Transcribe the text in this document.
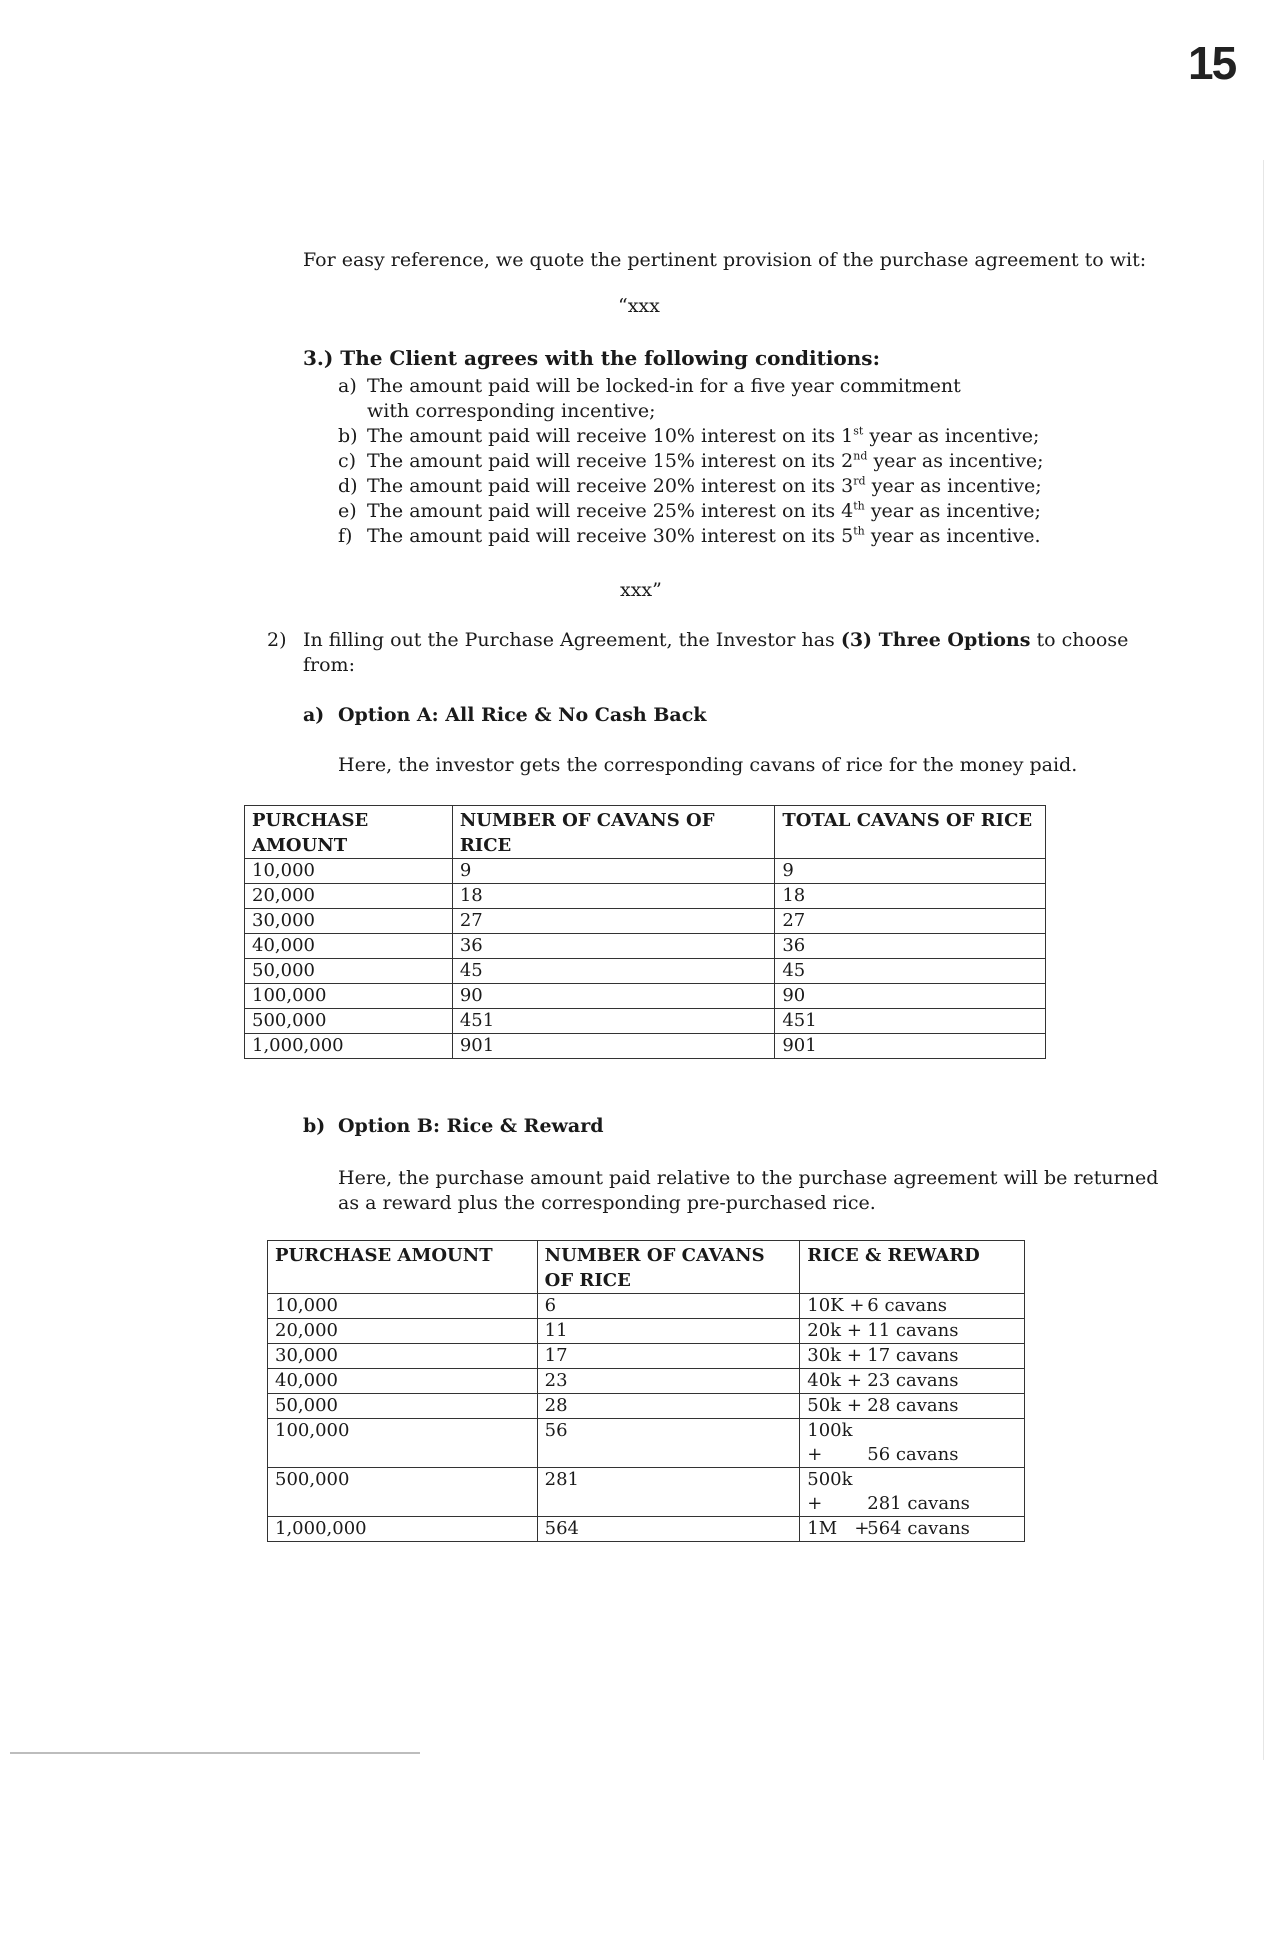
15
For easy reference, we quote the pertinent provision of the purchase agreement to wit:
“xxx
3.) The Client agrees with the following conditions:
a) The amount paid will be locked-in for a five year commitment
with corresponding incentive;
b) The amount paid will receive 10% interest on its 1st year as incentive;
c) The amount paid will receive 15% interest on its 2nd year as incentive;
d) The amount paid will receive 20% interest on its 3rd year as incentive;
e) The amount paid will receive 25% interest on its 4th year as incentive;
f) The amount paid will receive 30% interest on its 5th year as incentive.
xxx”
2) In filling out the Purchase Agreement, the Investor has (3) Three Options to choose
from:
a) Option A: All Rice & No Cash Back
Here, the investor gets the corresponding cavans of rice for the money paid.
PURCHASE AMOUNT	NUMBER OF CAVANS OF RICE	TOTAL CAVANS OF RICE
10,000	9	9
20,000	18	18
30,000	27	27
40,000	36	36
50,000	45	45
100,000	90	90
500,000	451	451
1,000,000	901	901
b) Option B: Rice & Reward
Here, the purchase amount paid relative to the purchase agreement will be returned
as a reward plus the corresponding pre-purchased rice.
PURCHASE AMOUNT	NUMBER OF CAVANS OF RICE	RICE & REWARD
10,000	6	10K + 6 cavans
20,000	11	20k + 11 cavans
30,000	17	30k + 17 cavans
40,000	23	40k + 23 cavans
50,000	28	50k + 28 cavans
100,000	56	100k + 56 cavans
500,000	281	500k + 281 cavans
1,000,000	564	1M   +564 cavans
